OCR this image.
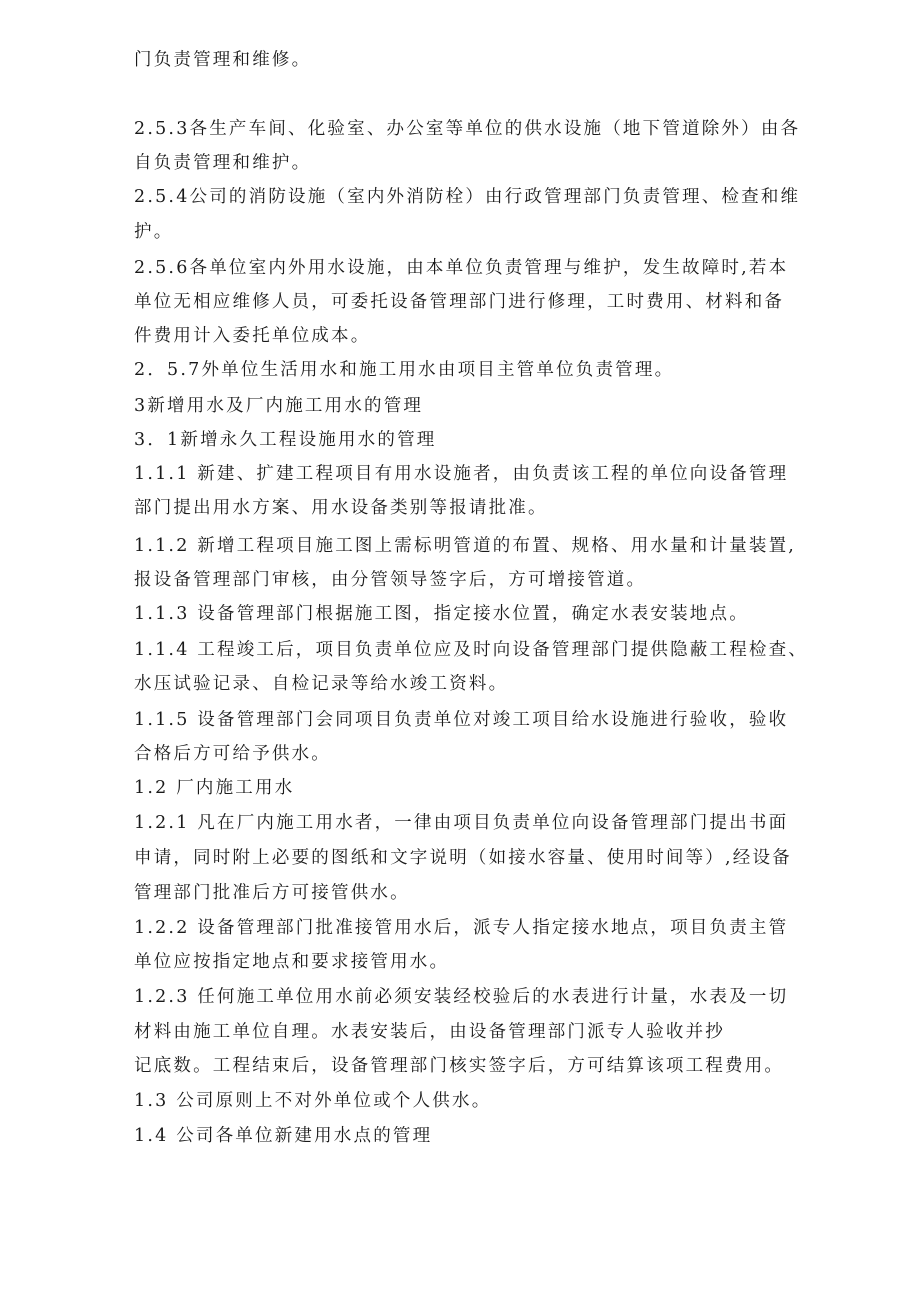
门负责管理和维修。
2.5.3各生产车间、化验室、办公室等单位的供水设施（地下管道除外）由各
自负责管理和维护。
2.5.4公司的消防设施（室内外消防栓）由行政管理部门负责管理、检查和维
护。
2.5.6各单位室内外用水设施，由本单位负责管理与维护，发生故障时,若本
单位无相应维修人员，可委托设备管理部门进行修理，工时费用、材料和备
件费用计入委托单位成本。
2．5.7外单位生活用水和施工用水由项目主管单位负责管理。
3新增用水及厂内施工用水的管理
3．1新增永久工程设施用水的管理
1.1.1 新建、扩建工程项目有用水设施者，由负责该工程的单位向设备管理
部门提出用水方案、用水设备类别等报请批准。
1.1.2 新增工程项目施工图上需标明管道的布置、规格、用水量和计量装置,
报设备管理部门审核，由分管领导签字后，方可增接管道。
1.1.3 设备管理部门根据施工图，指定接水位置，确定水表安装地点。
1.1.4 工程竣工后，项目负责单位应及时向设备管理部门提供隐蔽工程检查、
水压试验记录、自检记录等给水竣工资料。
1.1.5 设备管理部门会同项目负责单位对竣工项目给水设施进行验收，验收
合格后方可给予供水。
1.2 厂内施工用水
1.2.1 凡在厂内施工用水者，一律由项目负责单位向设备管理部门提出书面
申请，同时附上必要的图纸和文字说明（如接水容量、使用时间等）,经设备
管理部门批准后方可接管供水。
1.2.2 设备管理部门批准接管用水后，派专人指定接水地点，项目负责主管
单位应按指定地点和要求接管用水。
1.2.3 任何施工单位用水前必须安装经校验后的水表进行计量，水表及一切
材料由施工单位自理。水表安装后，由设备管理部门派专人验收并抄
记底数。工程结束后，设备管理部门核实签字后，方可结算该项工程费用。
1.3 公司原则上不对外单位或个人供水。
1.4 公司各单位新建用水点的管理
